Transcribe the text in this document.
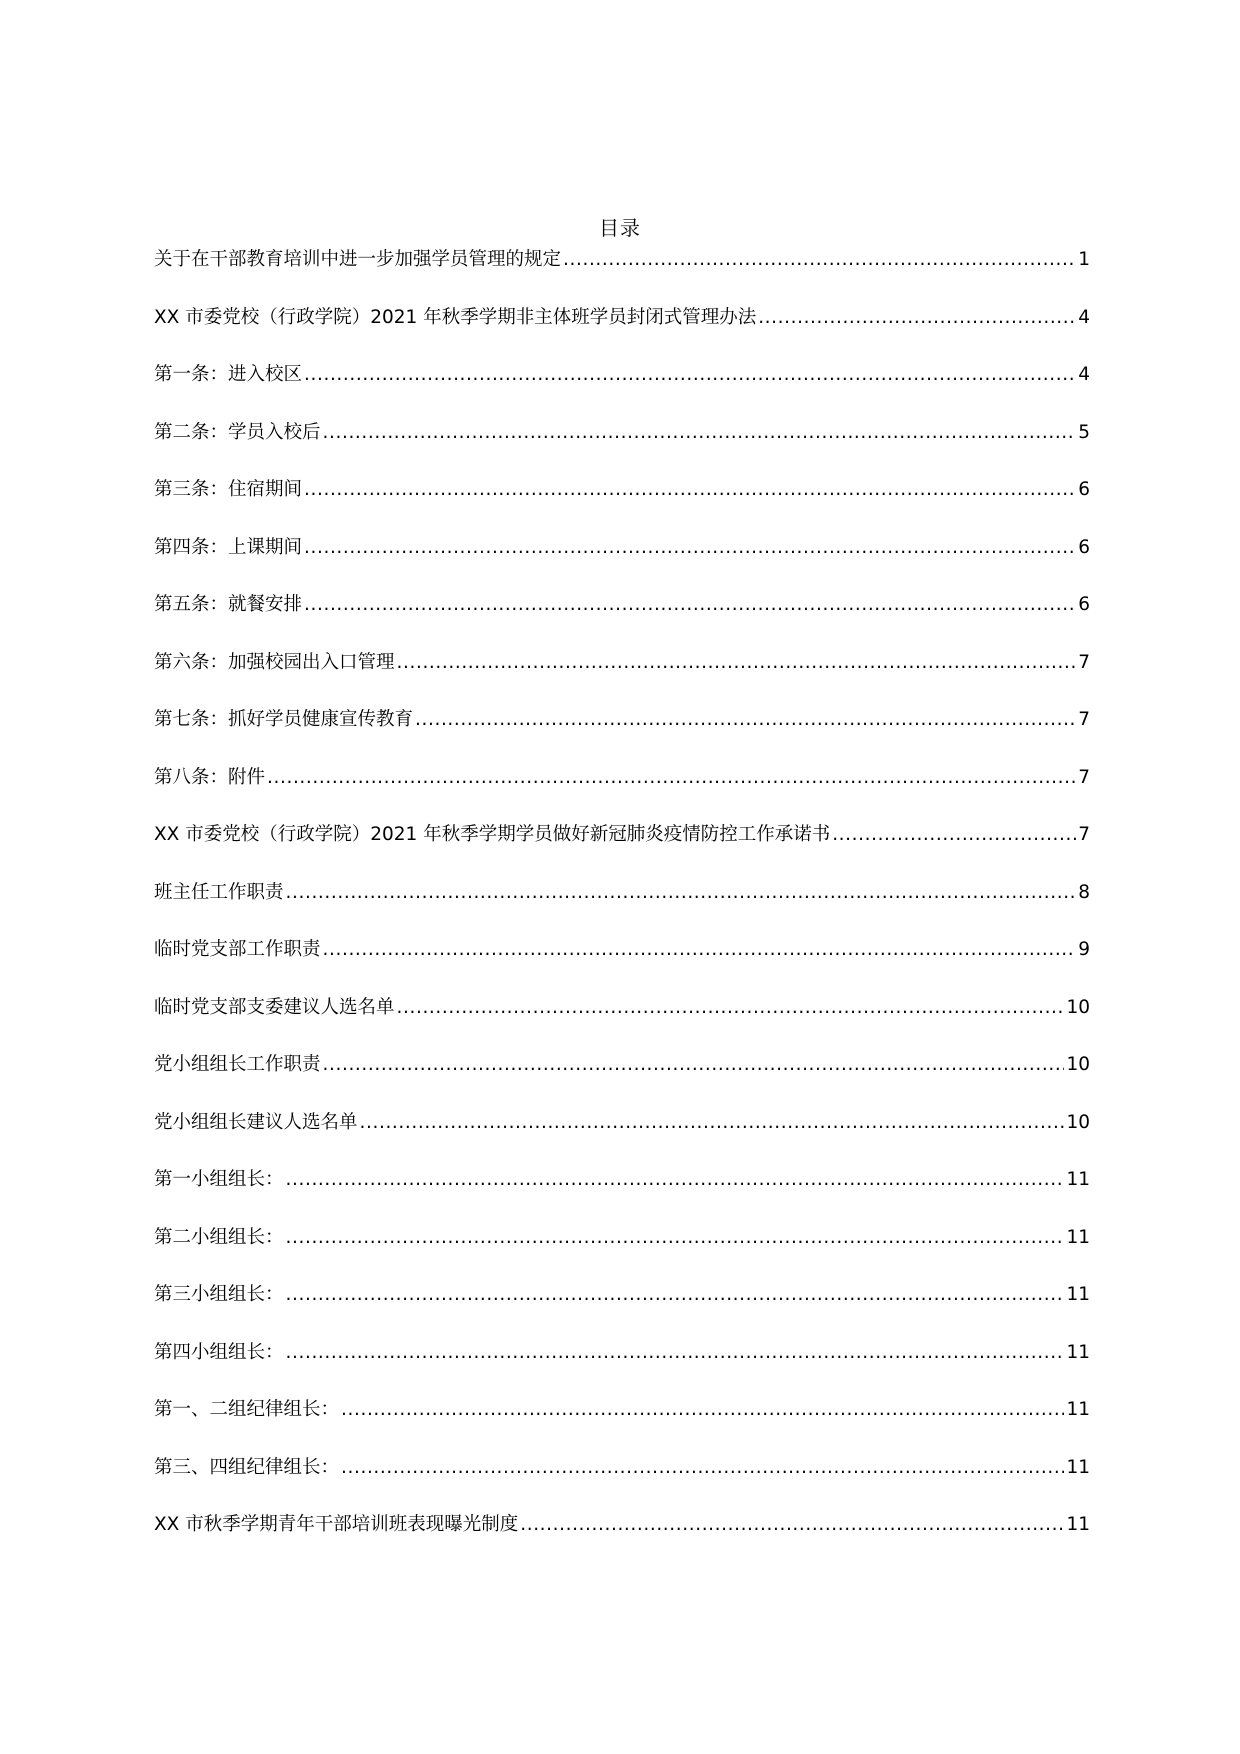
目录
关于在干部教育培训中进一步加强学员管理的规定 .....	1
XX 市委党校（行政学院）2021 年秋季学期非主体班学员封闭式管理办法 .....	4
第一条：进入校区 .....	4
第二条：学员入校后 .....	5
第三条：住宿期间 .....	6
第四条：上课期间 .....	6
第五条：就餐安排 .....	6
第六条：加强校园出入口管理 .....	7
第七条：抓好学员健康宣传教育 .....	7
第八条：附件 .....	7
XX 市委党校（行政学院）2021 年秋季学期学员做好新冠肺炎疫情防控工作承诺书 .....	7
班主任工作职责 .....	8
临时党支部工作职责 .....	9
临时党支部支委建议人选名单 .....	10
党小组组长工作职责 .....	10
党小组组长建议人选名单 .....	10
第一小组组长： .....	11
第二小组组长： .....	11
第三小组组长： .....	11
第四小组组长： .....	11
第一、二组纪律组长： .....	11
第三、四组纪律组长： .....	11
XX 市秋季学期青年干部培训班表现曝光制度 .....	11
